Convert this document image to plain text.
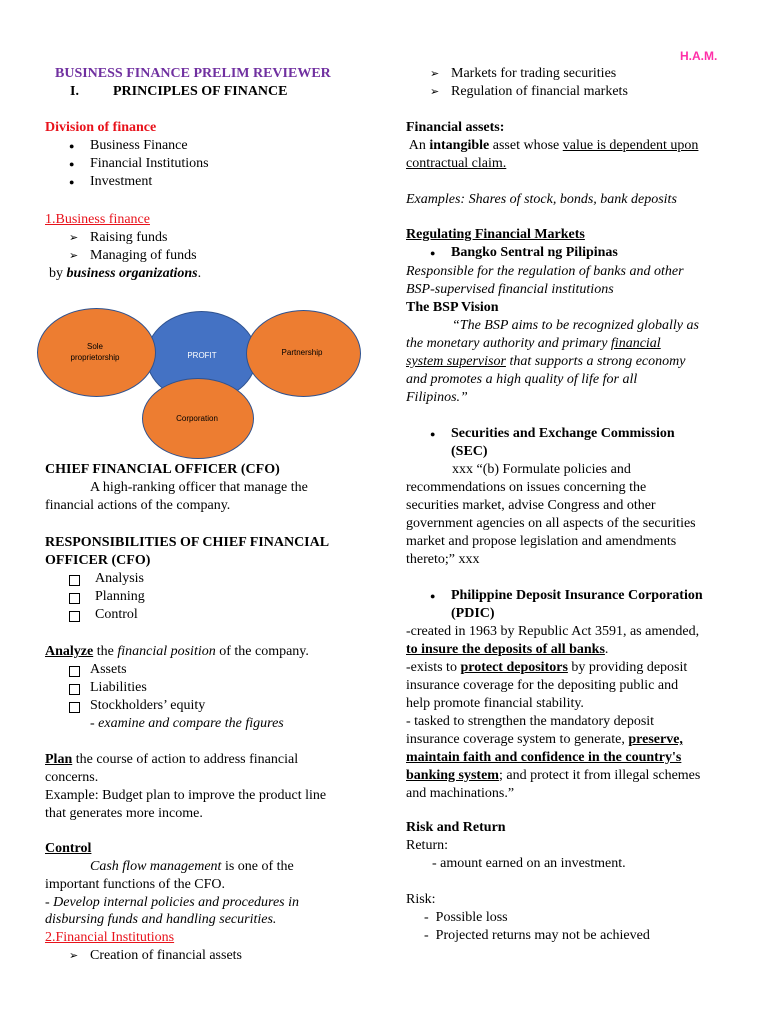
H.A.M.
BUSINESS FINANCE PRELIM REVIEWER
I. PRINCIPLES OF FINANCE
Division of finance
● Business Finance
● Financial Institutions
● Investment
1.Business finance
➢ Raising funds
➢ Managing of funds
by business organizations.
PROFIT
Sole
proprietorship
Partnership
Corporation
CHIEF FINANCIAL OFFICER (CFO)
A high-ranking officer that manage the
financial actions of the company.
RESPONSIBILITIES OF CHIEF FINANCIAL
OFFICER (CFO)
Analysis
Planning
Control
Analyze the financial position of the company.
Assets
Liabilities
Stockholders’ equity
- examine and compare the figures
Plan the course of action to address financial
concerns.
Example: Budget plan to improve the product line
that generates more income.
Control
Cash flow management is one of the
important functions of the CFO.
- Develop internal policies and procedures in
disbursing funds and handling securities.
2.Financial Institutions
➢ Creation of financial assets
➢ Markets for trading securities
➢ Regulation of financial markets
Financial assets:
An intangible asset whose value is dependent upon
contractual claim.
Examples: Shares of stock, bonds, bank deposits
Regulating Financial Markets
● Bangko Sentral ng Pilipinas
Responsible for the regulation of banks and other
BSP-supervised financial institutions
The BSP Vision
“The BSP aims to be recognized globally as
the monetary authority and primary financial
system supervisor that supports a strong economy
and promotes a high quality of life for all
Filipinos.”
● Securities and Exchange Commission
(SEC)
xxx “(b) Formulate policies and
recommendations on issues concerning the
securities market, advise Congress and other
government agencies on all aspects of the securities
market and propose legislation and amendments
thereto;” xxx
● Philippine Deposit Insurance Corporation
(PDIC)
-created in 1963 by Republic Act 3591, as amended,
to insure the deposits of all banks.
-exists to protect depositors by providing deposit
insurance coverage for the depositing public and
help promote financial stability.
- tasked to strengthen the mandatory deposit
insurance coverage system to generate, preserve,
maintain faith and confidence in the country's
banking system; and protect it from illegal schemes
and machinations.”
Risk and Return
Return:
- amount earned on an investment.
Risk:
-  Possible loss
-  Projected returns may not be achieved
